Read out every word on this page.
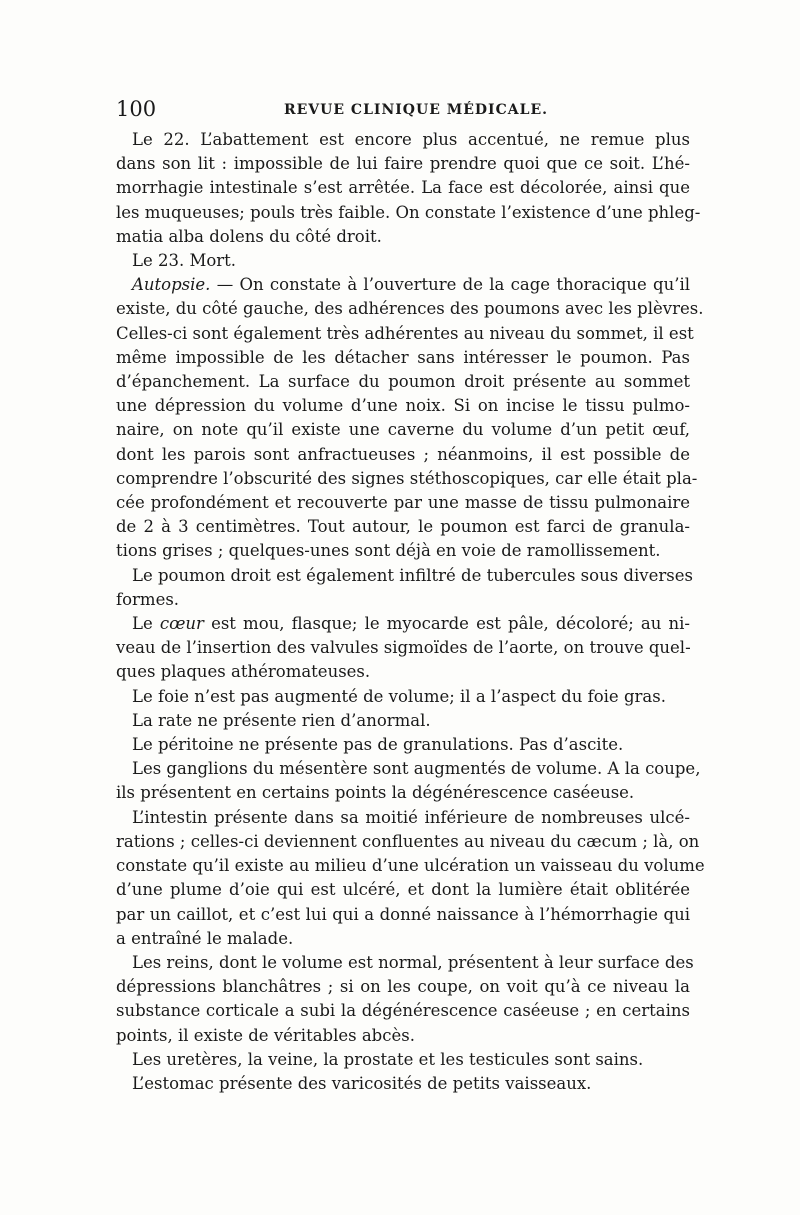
100	REVUE CLINIQUE MÉDICALE.
Le 22. L’abattement est encore plus accentué, ne remue plus
dans son lit : impossible de lui faire prendre quoi que ce soit. L’hé-
morrhagie intestinale s’est arrêtée. La face est décolorée, ainsi que
les muqueuses; pouls très faible. On constate l’existence d’une phleg-
matia alba dolens du côté droit.
Le 23. Mort.
Autopsie. — On constate à l’ouverture de la cage thoracique qu’il
existe, du côté gauche, des adhérences des poumons avec les plèvres.
Celles-ci sont également très adhérentes au niveau du sommet, il est
même impossible de les détacher sans intéresser le poumon. Pas
d’épanchement. La surface du poumon droit présente au sommet
une dépression du volume d’une noix. Si on incise le tissu pulmo-
naire, on note qu’il existe une caverne du volume d’un petit œuf,
dont les parois sont anfractueuses ; néanmoins, il est possible de
comprendre l’obscurité des signes stéthoscopiques, car elle était pla-
cée profondément et recouverte par une masse de tissu pulmonaire
de 2 à 3 centimètres. Tout autour, le poumon est farci de granula-
tions grises ; quelques-unes sont déjà en voie de ramollissement.
Le poumon droit est également infiltré de tubercules sous diverses
formes.
Le cœur est mou, flasque; le myocarde est pâle, décoloré; au ni-
veau de l’insertion des valvules sigmoïdes de l’aorte, on trouve quel-
ques plaques athéromateuses.
Le foie n’est pas augmenté de volume; il a l’aspect du foie gras.
La rate ne présente rien d’anormal.
Le péritoine ne présente pas de granulations. Pas d’ascite.
Les ganglions du mésentère sont augmentés de volume. A la coupe,
ils présentent en certains points la dégénérescence caséeuse.
L’intestin présente dans sa moitié inférieure de nombreuses ulcé-
rations ; celles-ci deviennent confluentes au niveau du cæcum ; là, on
constate qu’il existe au milieu d’une ulcération un vaisseau du volume
d’une plume d’oie qui est ulcéré, et dont la lumière était oblitérée
par un caillot, et c’est lui qui a donné naissance à l’hémorrhagie qui
a entraîné le malade.
Les reins, dont le volume est normal, présentent à leur surface des
dépressions blanchâtres ; si on les coupe, on voit qu’à ce niveau la
substance corticale a subi la dégénérescence caséeuse ; en certains
points, il existe de véritables abcès.
Les uretères, la veine, la prostate et les testicules sont sains.
L’estomac présente des varicosités de petits vaisseaux.
